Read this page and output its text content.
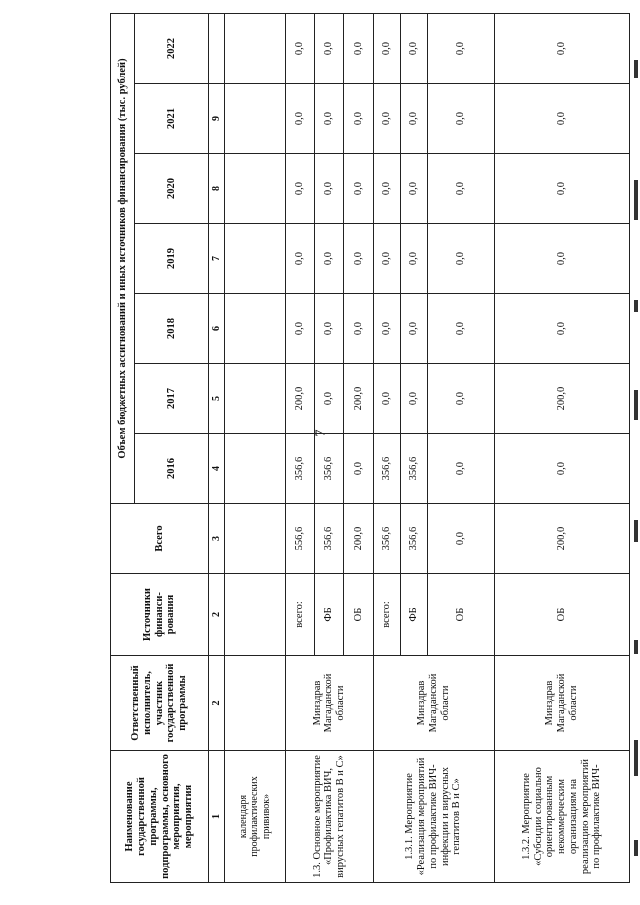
7
Наименование государственной программы, подпрограммы, основного мероприятия, мероприятия	Ответственный исполнитель, участник государственной программы	Источники финанси-рования	Всего	Объем бюджетных ассигнований и иных источников финансирования (тыс. рублей)						
				2016	2017	2018	2019	2020	2021	2022
1	2	2	3	4	5	6	7	8	9	
календаря профилактических прививок»										
1.3. Основное мероприятие «Профилактика ВИЧ, вирусных гепатитов В и С»	Минздрав Магаданской области	всего:	556,6	356,6	200,0	0,0	0,0	0,0	0,0	0,0
		ФБ	356,6	356,6	0,0	0,0	0,0	0,0	0,0	0,0
		ОБ	200,0	0,0	200,0	0,0	0,0	0,0	0,0	0,0
1.3.1. Мероприятие «Реализация мероприятий по профилактике ВИЧ-инфекции и вирусных гепатитов В и С»	Минздрав Магаданской области	всего:	356,6	356,6	0,0	0,0	0,0	0,0	0,0	0,0
		ФБ	356,6	356,6	0,0	0,0	0,0	0,0	0,0	0,0
		ОБ	0,0	0,0	0,0	0,0	0,0	0,0	0,0	0,0
1.3.2. Мероприятие «Субсидии социально ориентированным некоммерческим организациям на реализацию мероприятий по профилактике ВИЧ-	Минздрав Магаданской области	ОБ	200,0	0,0	200,0	0,0	0,0	0,0	0,0	0,0
